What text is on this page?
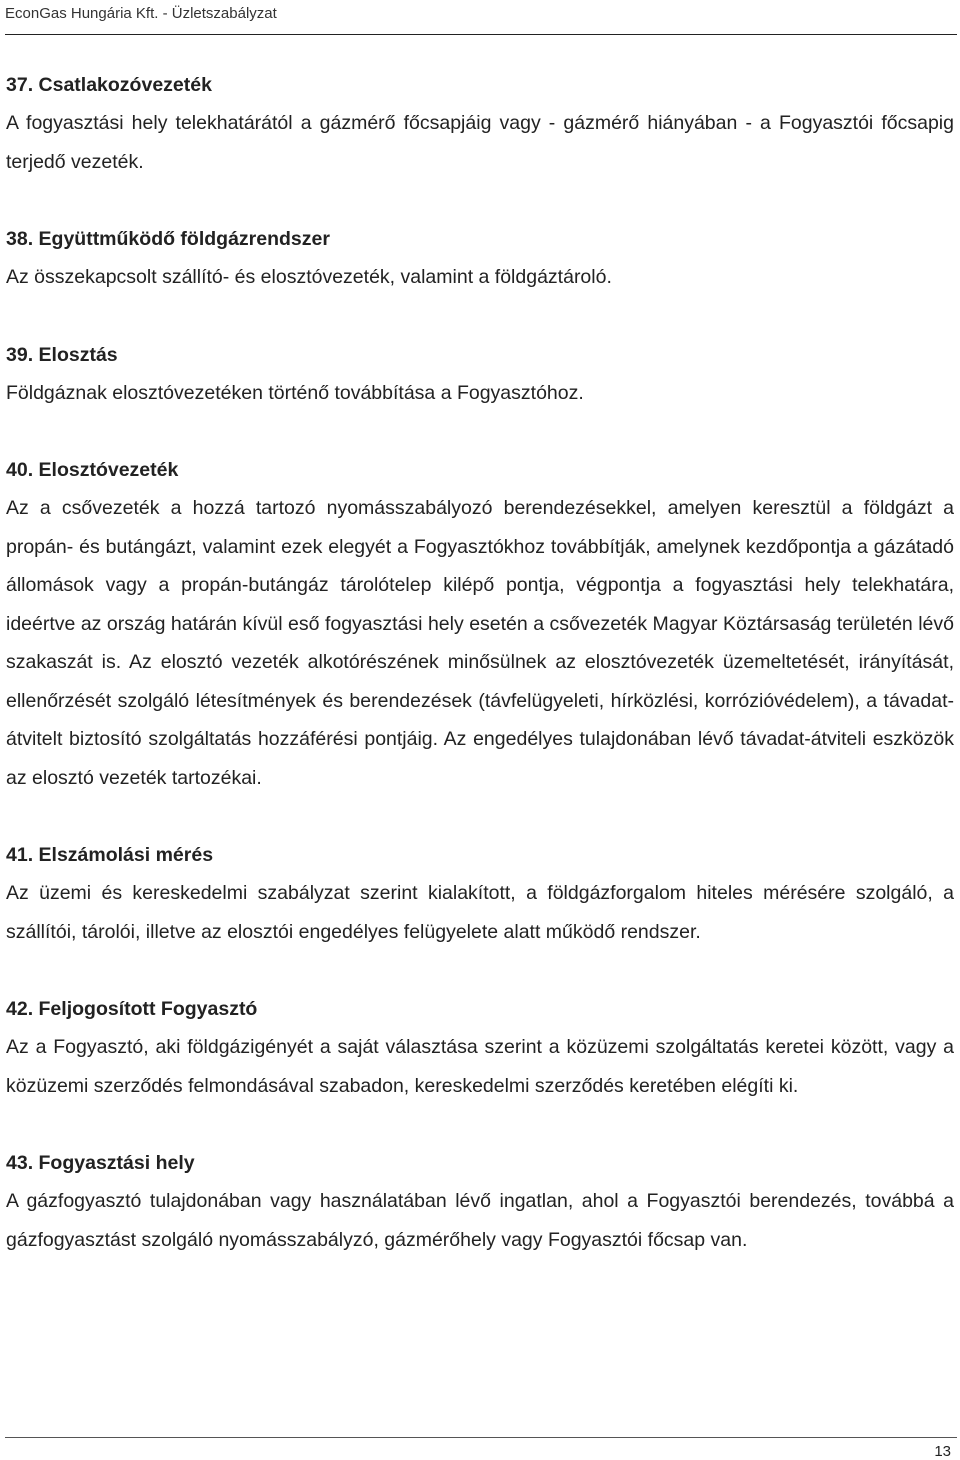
EconGas Hungária Kft. - Üzletszabályzat
37. Csatlakozóvezeték
A fogyasztási hely telekhatárától a gázmérő főcsapjáig vagy - gázmérő hiányában - a Fogyasztói főcsapig terjedő vezeték.
38. Együttműködő földgázrendszer
Az összekapcsolt szállító- és elosztóvezeték, valamint a földgáztároló.
39. Elosztás
Földgáznak elosztóvezetéken történő továbbítása a Fogyasztóhoz.
40. Elosztóvezeték
Az a csővezeték a hozzá tartozó nyomásszabályozó berendezésekkel, amelyen keresztül a földgázt a propán- és butángázt, valamint ezek elegyét a Fogyasztókhoz továbbítják, amelynek kezdőpontja a gázátadó állomások vagy a propán-butángáz tárolótelep kilépő pontja, végpontja a fogyasztási hely telekhatára, ideértve az ország határán kívül eső fogyasztási hely esetén a csővezeték Magyar Köztársaság területén lévő szakaszát is. Az elosztó vezeték alkotórészének minősülnek az elosztóvezeték üzemeltetését, irányítását, ellenőrzését szolgáló létesítmények és berendezések (távfelügyeleti, hírközlési, korrózióvédelem), a távadat-átvitelt biztosító szolgáltatás hozzáférési pontjáig. Az engedélyes tulajdonában lévő távadat-átviteli eszközök az elosztó vezeték tartozékai.
41. Elszámolási mérés
Az üzemi és kereskedelmi szabályzat szerint kialakított, a földgázforgalom hiteles mérésére szolgáló, a szállítói, tárolói, illetve az elosztói engedélyes felügyelete alatt működő rendszer.
42. Feljogosított Fogyasztó
Az a Fogyasztó, aki földgázigényét a saját választása szerint a közüzemi szolgáltatás keretei között, vagy a közüzemi szerződés felmondásával szabadon, kereskedelmi szerződés keretében elégíti ki.
43. Fogyasztási hely
A gázfogyasztó tulajdonában vagy használatában lévő ingatlan, ahol a Fogyasztói berendezés, továbbá a gázfogyasztást szolgáló nyomásszabályzó, gázmérőhely vagy Fogyasztói főcsap van.
13
